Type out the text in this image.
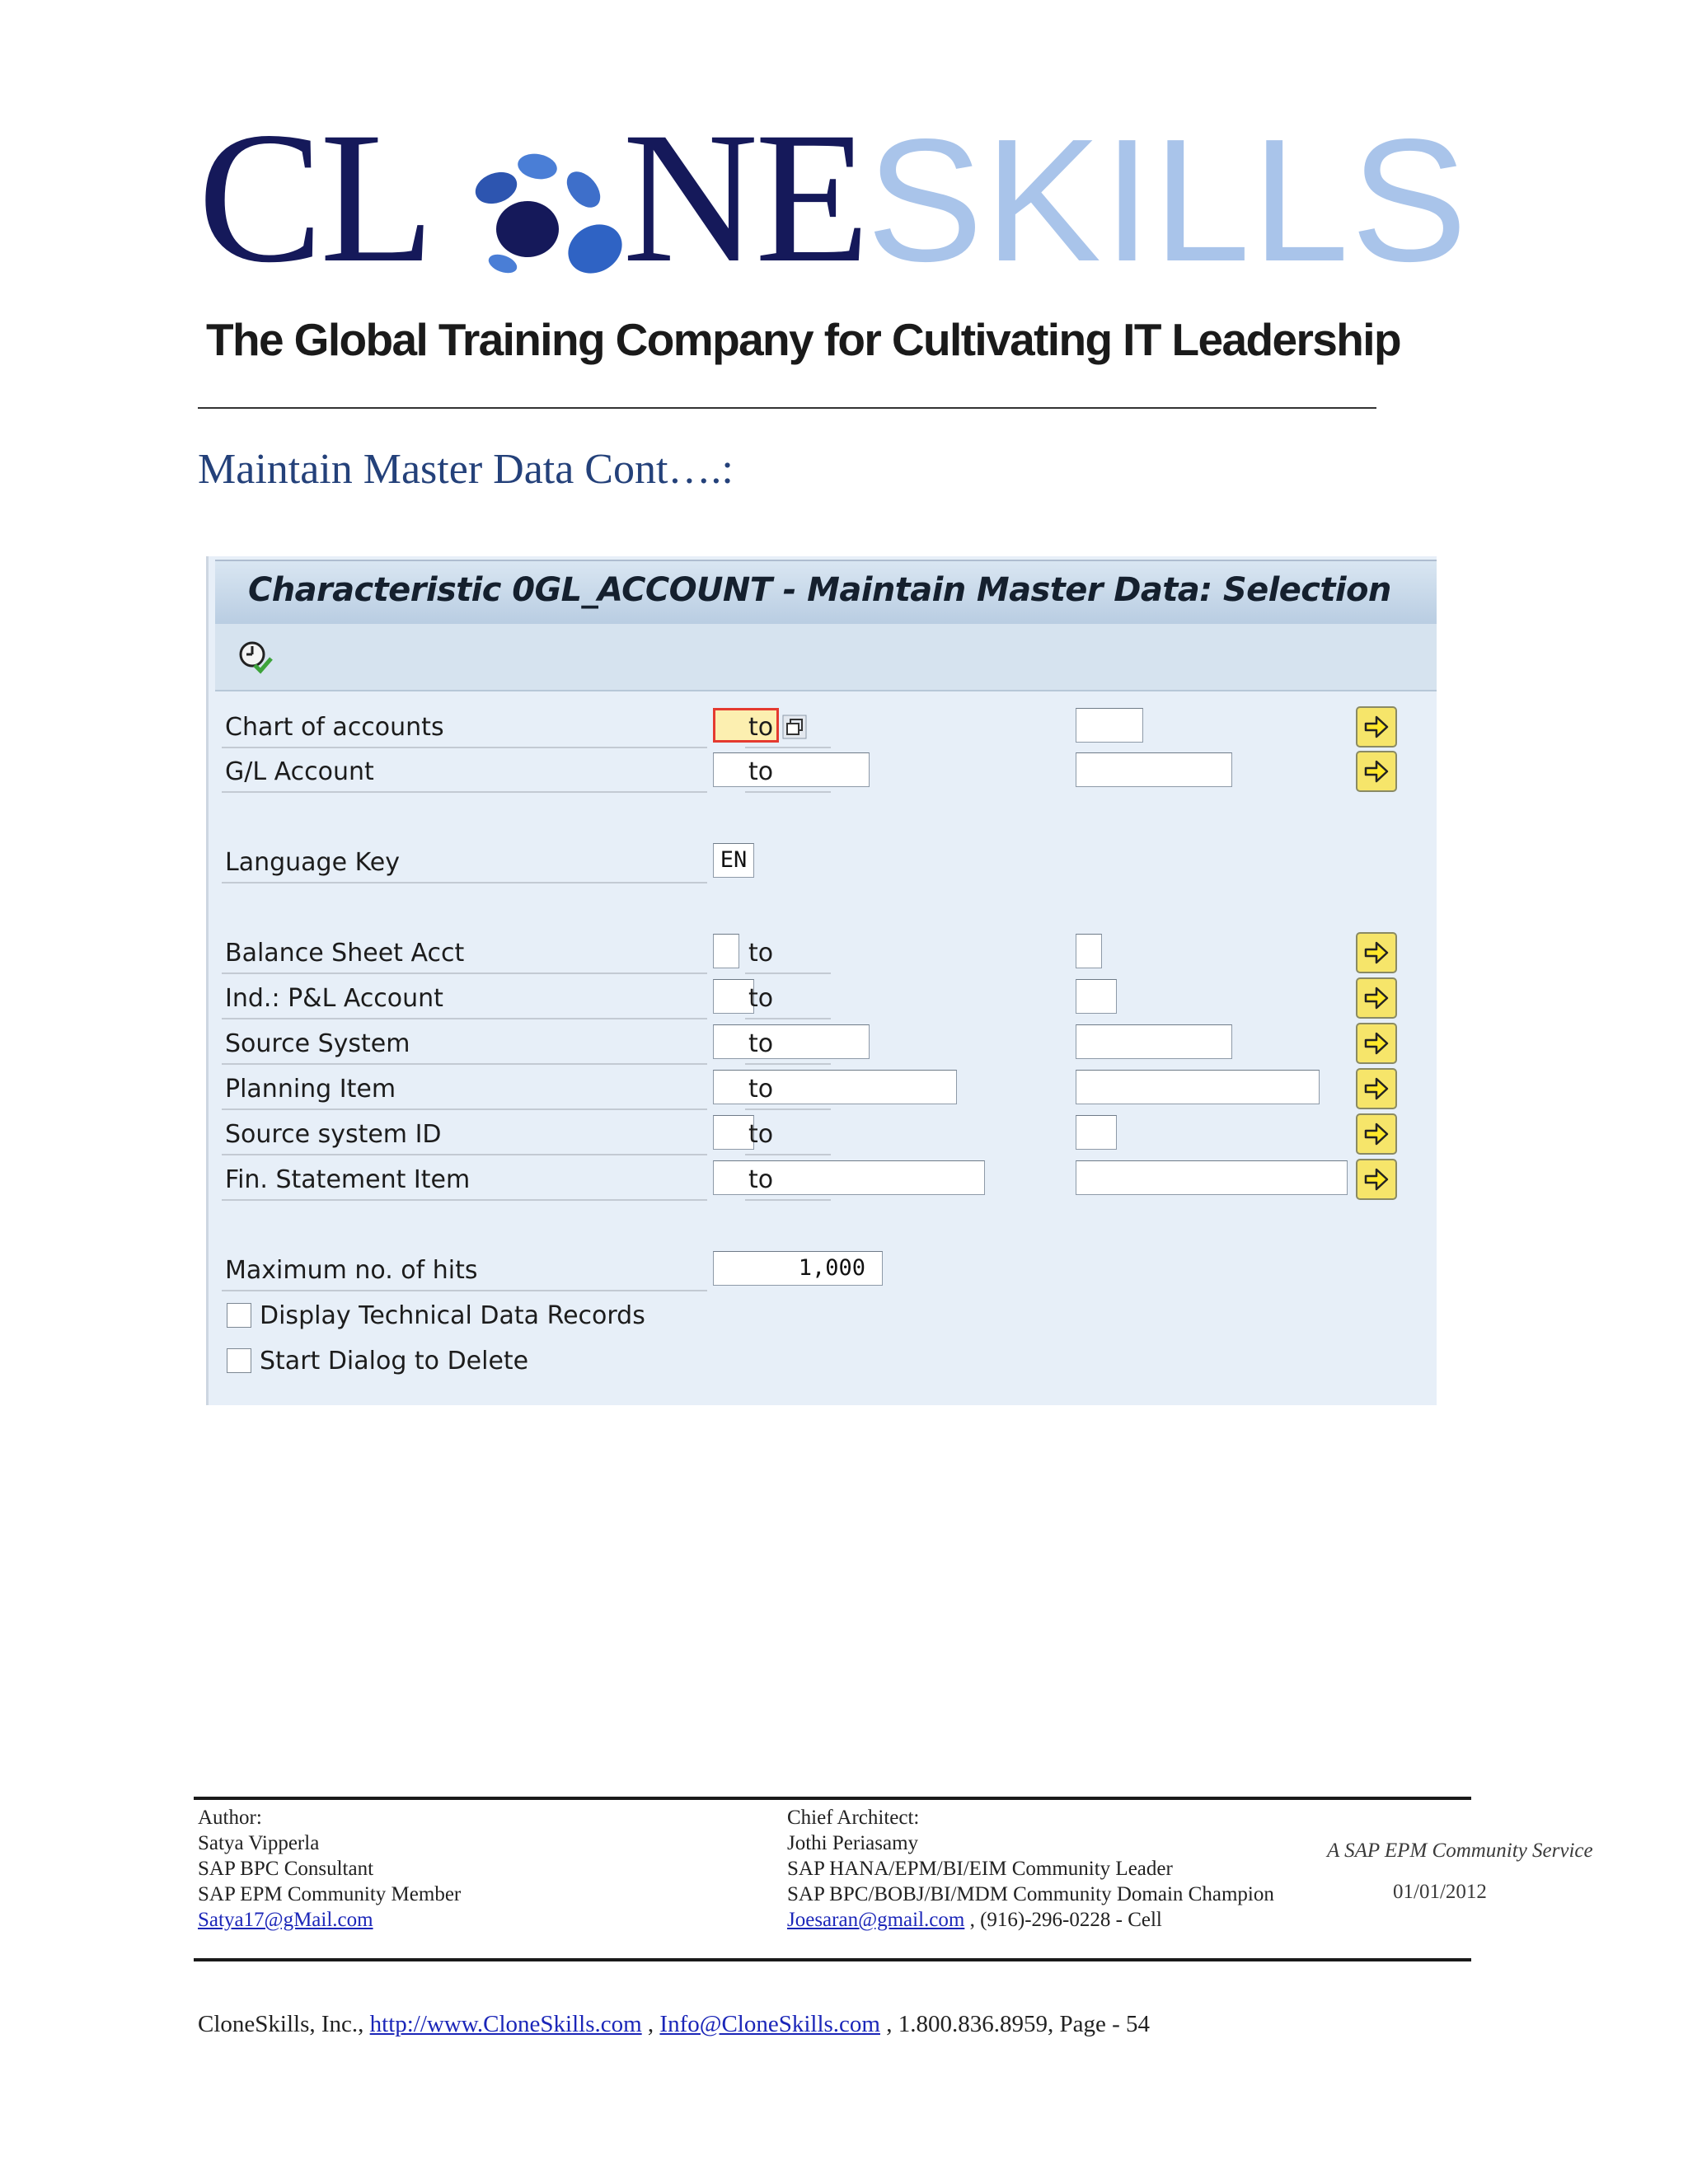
CL NESKILLS
The Global Training Company for Cultivating IT Leadership
Maintain Master Data Cont….:
Characteristic 0GL_ACCOUNT - Maintain Master Data: Selection
Chart of accounts	to
G/L Account	to
Language Key	EN
Balance Sheet Acct	to
Ind.: P&L Account	to
Source System	to
Planning Item	to
Source system ID	to
Fin. Statement Item	to
Maximum no. of hits	1,000
Display Technical Data Records
Start Dialog to Delete
Author:
Satya Vipperla
SAP BPC Consultant
SAP EPM Community Member
Satya17@gMail.com
Chief Architect:
Jothi Periasamy
SAP HANA/EPM/BI/EIM Community Leader
SAP BPC/BOBJ/BI/MDM Community Domain Champion
Joesaran@gmail.com , (916)-296-0228 - Cell
A SAP EPM Community Service
01/01/2012
CloneSkills, Inc., http://www.CloneSkills.com , Info@CloneSkills.com , 1.800.836.8959, Page - 54
